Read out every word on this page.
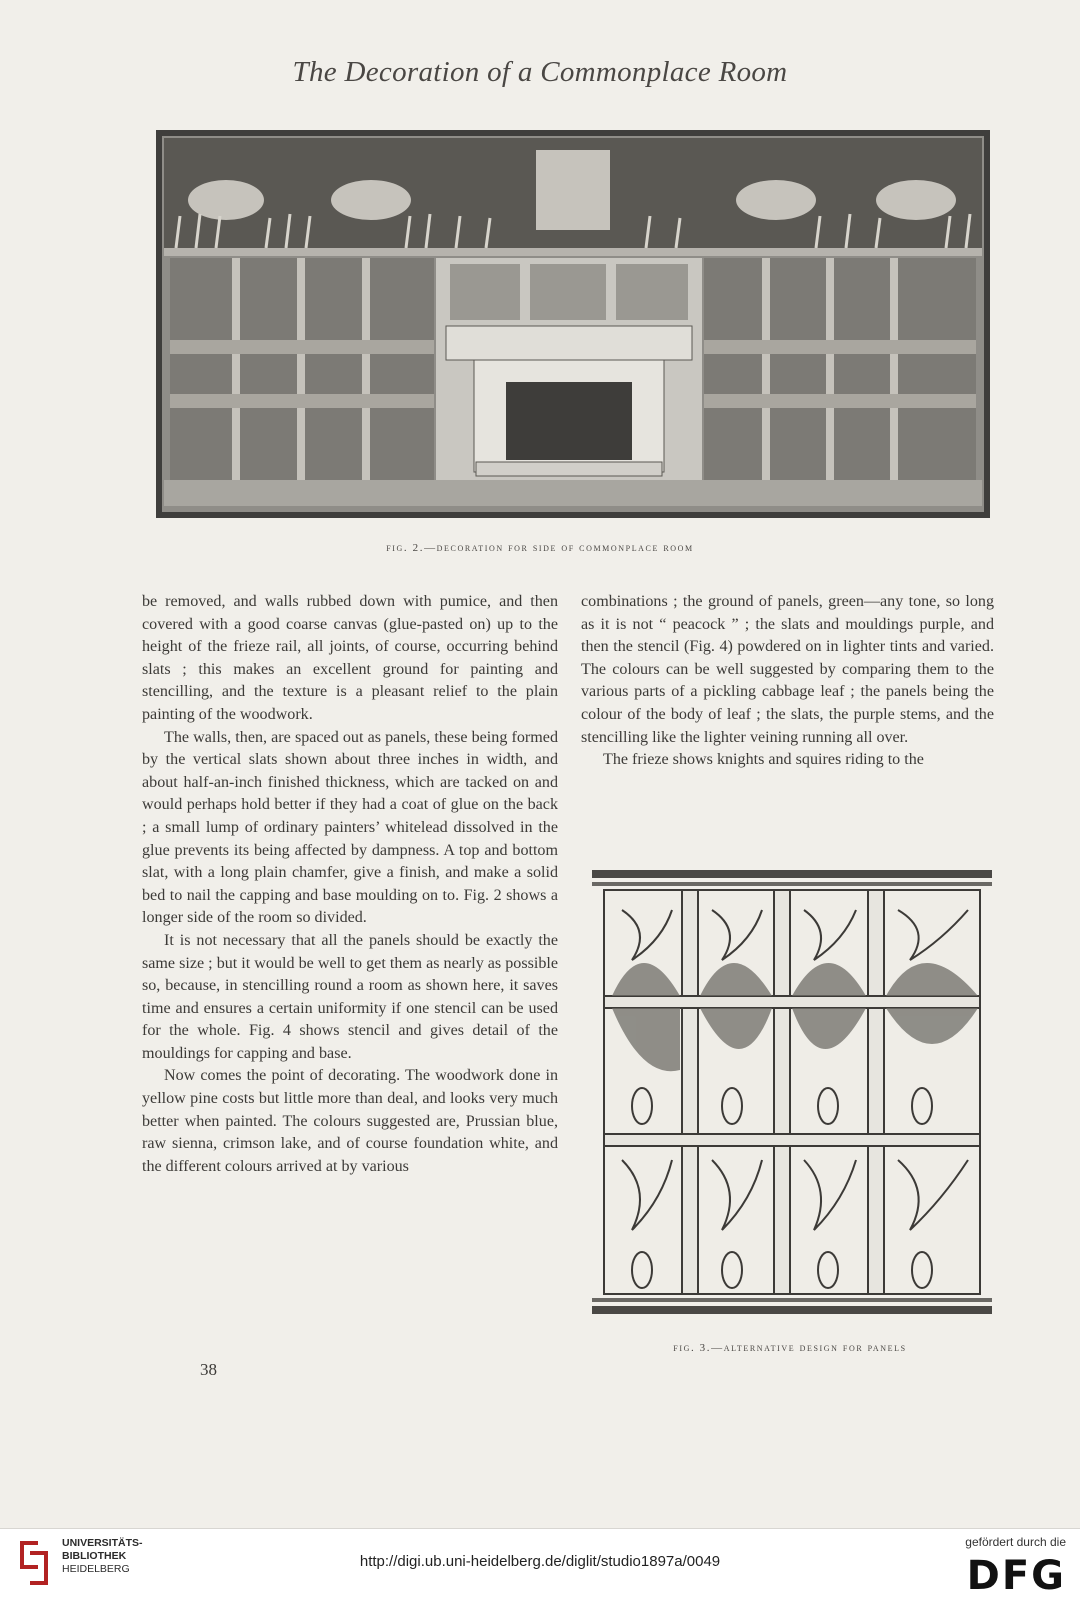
The Decoration of a Commonplace Room
fig. 2.—decoration for side of commonplace room

be removed, and walls rubbed down with pumice, and then covered with a good coarse canvas (glue-pasted on) up to the height of the frieze rail, all joints, of course, occurring behind slats ; this makes an excellent ground for painting and stencilling, and the texture is a pleasant relief to the plain painting of the woodwork.

The walls, then, are spaced out as panels, these being formed by the vertical slats shown about three inches in width, and about half-an-inch finished thickness, which are tacked on and would perhaps hold better if they had a coat of glue on the back ; a small lump of ordinary painters’ whitelead dissolved in the glue prevents its being affected by dampness. A top and bottom slat, with a long plain chamfer, give a finish, and make a solid bed to nail the capping and base moulding on to. Fig. 2 shows a longer side of the room so divided.

It is not necessary that all the panels should be exactly the same size ; but it would be well to get them as nearly as possible so, because, in stencilling round a room as shown here, it saves time and ensures a certain uniformity if one stencil can be used for the whole. Fig. 4 shows stencil and gives detail of the mouldings for capping and base.

Now comes the point of decorating. The woodwork done in yellow pine costs but little more than deal, and looks very much better when painted. The colours suggested are, Prussian blue, raw sienna, crimson lake, and of course foundation white, and the different colours arrived at by various

combinations ; the ground of panels, green—any tone, so long as it is not “ peacock ” ; the slats and mouldings purple, and then the stencil (Fig. 4) powdered on in lighter tints and varied. The colours can be well suggested by comparing them to the various parts of a pickling cabbage leaf ; the panels being the colour of the body of leaf ; the slats, the purple stems, and the stencilling like the lighter veining running all over.

The frieze shows knights and squires riding to the

fig. 3.—alternative design for panels
38
UNIVERSITÄTS-
BIBLIOTHEK
HEIDELBERG	http://digi.ub.uni-heidelberg.de/diglit/studio1897a/0049
gefördert durch die
DFG
